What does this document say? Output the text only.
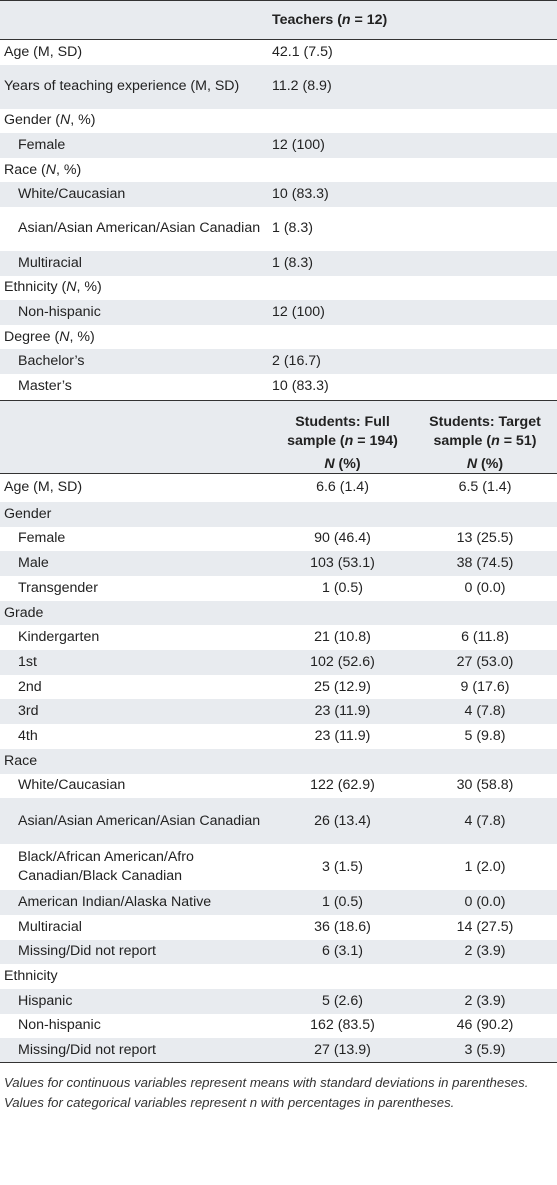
Teachers (n = 12)
Age (M, SD)	42.1 (7.5)
Years of teaching experience (M, SD)	11.2 (8.9)
Gender (N, %)
Female	12 (100)
Race (N, %)
White/Caucasian	10 (83.3)
Asian/Asian American/Asian Canadian 1 (8.3)
Multiracial	1 (8.3)
Ethnicity (N, %)
Non-hispanic	12 (100)
Degree (N, %)
Bachelor’s	2 (16.7)
Master’s	10 (83.3)
Students: Full sample (n = 194)
N (%)
Students: Target sample (n = 51)
N (%)
Age (M, SD)	6.6 (1.4)	6.5 (1.4)
Gender
Female	90 (46.4)	13 (25.5)
Male	103 (53.1)	38 (74.5)
Transgender	1 (0.5)	0 (0.0)
Grade
Kindergarten	21 (10.8)	6 (11.8)
1st	102 (52.6)	27 (53.0)
2nd	25 (12.9)	9 (17.6)
3rd	23 (11.9)	4 (7.8)
4th	23 (11.9)	5 (9.8)
Race
White/Caucasian	122 (62.9)	30 (58.8)
Asian/Asian American/Asian Canadian	26 (13.4)	4 (7.8)
Black/African American/Afro Canadian/Black Canadian
3 (1.5)	1 (2.0)
American Indian/Alaska Native	1 (0.5)	0 (0.0)
Multiracial	36 (18.6)	14 (27.5)
Missing/Did not report	6 (3.1)	2 (3.9)
Ethnicity
Hispanic	5 (2.6)	2 (3.9)
Non-hispanic	162 (83.5)	46 (90.2)
Missing/Did not report	27 (13.9)	3 (5.9)
Values for continuous variables represent means with standard deviations in parentheses.
Values for categorical variables represent n with percentages in parentheses.
